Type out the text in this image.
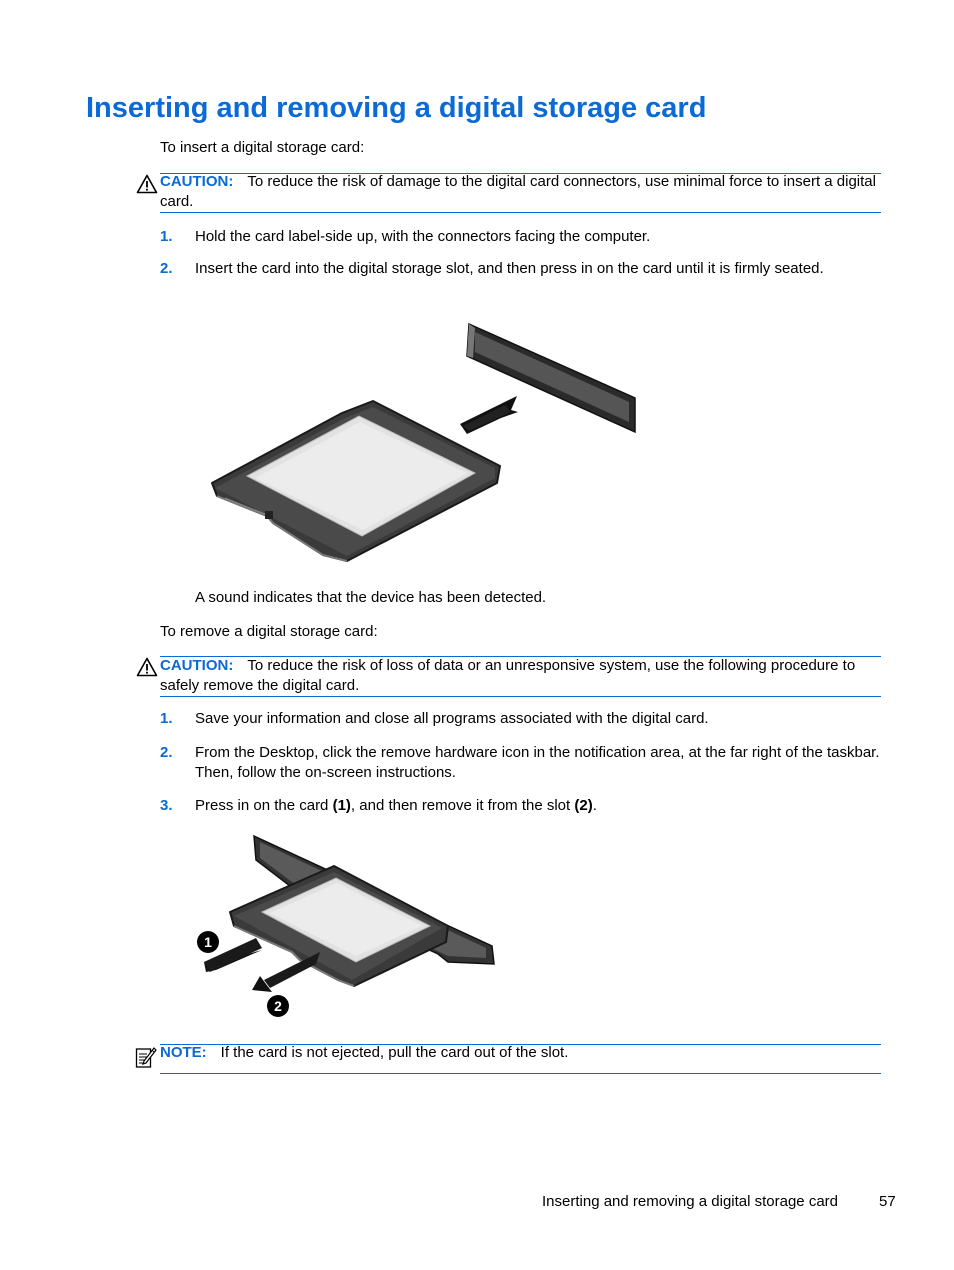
Inserting and removing a digital storage card

To insert a digital storage card:

CAUTION: To reduce the risk of damage to the digital card connectors, use minimal force to insert a digital card.
1. Hold the card label-side up, with the connectors facing the computer.
2. Insert the card into the digital storage slot, and then press in on the card until it is firmly seated.

A sound indicates that the device has been detected.

To remove a digital storage card:

CAUTION: To reduce the risk of loss of data or an unresponsive system, use the following procedure to safely remove the digital card.
1. Save your information and close all programs associated with the digital card.
2. From the Desktop, click the remove hardware icon in the notification area, at the far right of the taskbar. Then, follow the on-screen instructions.
3. Press in on the card (1), and then remove it from the slot (2).
1
2
NOTE: If the card is not ejected, pull the card out of the slot.
Inserting and removing a digital storage card	57
